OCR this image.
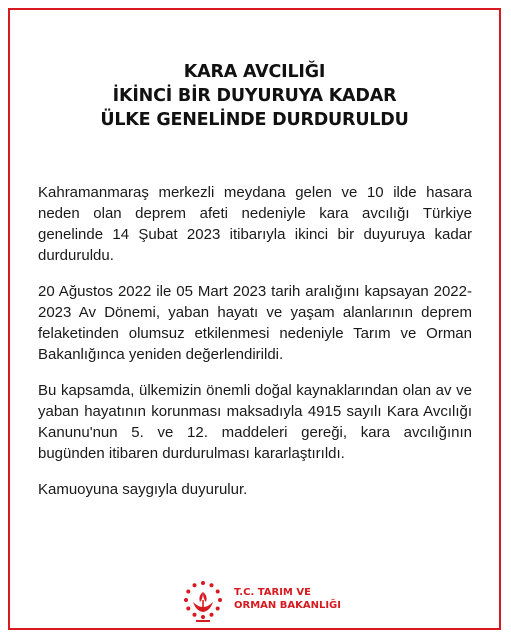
KARA AVCILIĞI
İKİNCİ BİR DUYURUYA KADAR
ÜLKE GENELİNDE DURDURULDU

Kahramanmaraş merkezli meydana gelen ve 10 ilde hasara neden olan deprem afeti nedeniyle kara avcılığı Türkiye genelinde 14 Şubat 2023 itibarıyla ikinci bir duyuruya kadar durduruldu.

20 Ağustos 2022 ile 05 Mart 2023 tarih aralığını kapsayan 2022-2023 Av Dönemi, yaban hayatı ve yaşam alanlarının deprem felaketinden olumsuz etkilenmesi nedeniyle Tarım ve Orman Bakanlığınca yeniden değerlendirildi.

Bu kapsamda, ülkemizin önemli doğal kaynaklarından olan av ve yaban hayatının korunması maksadıyla 4915 sayılı Kara Avcılığı Kanunu'nun 5. ve 12. maddeleri gereği, kara avcılığının bugünden itibaren durdurulması kararlaştırıldı.

Kamuoyuna saygıyla duyurulur.

T.C. TARIM VE
ORMAN BAKANLIĞI
